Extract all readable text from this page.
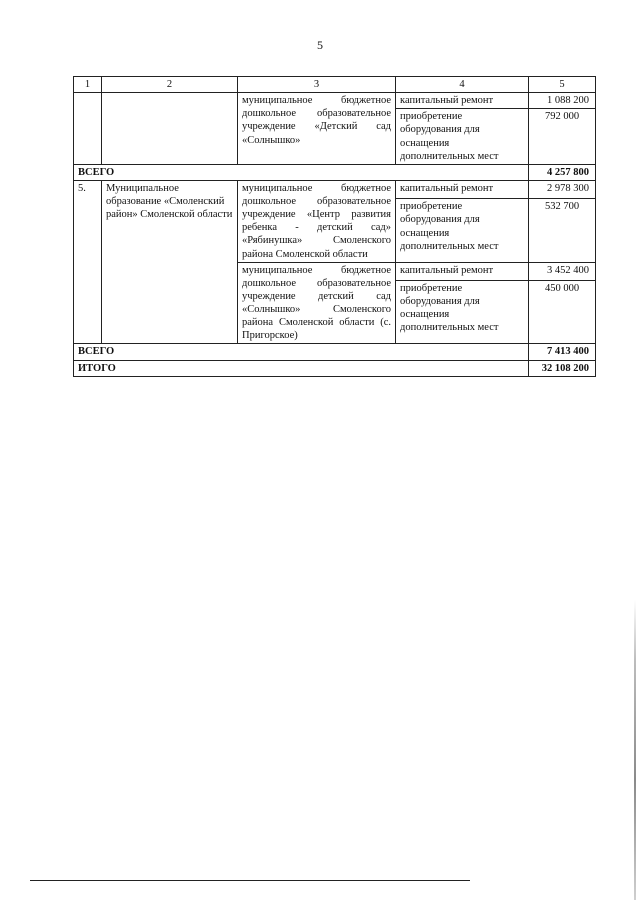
5
1	2	3	4	5
		муниципальное бюджетное дошкольное образовательное учреждение «Детский сад «Солнышко»	капитальный ремонт	1 088 200
			приобретение оборудования для оснащения дополнительных мест	792 000
ВСЕГО				4 257 800
5.	Муниципальное образование «Смоленский район» Смоленской области	муниципальное бюджетное дошкольное образовательное учреждение «Центр развития ребенка - детский сад» «Рябинушка» Смоленского района Смоленской области	капитальный ремонт	2 978 300
			приобретение оборудования для оснащения дополнительных мест	532 700
		муниципальное бюджетное дошкольное образовательное учреждение детский сад «Солнышко» Смоленского района Смоленской области (с. Пригорское)	капитальный ремонт	3 452 400
			приобретение оборудования для оснащения дополнительных мест	450 000
ВСЕГО				7 413 400
ИТОГО				32 108 200
